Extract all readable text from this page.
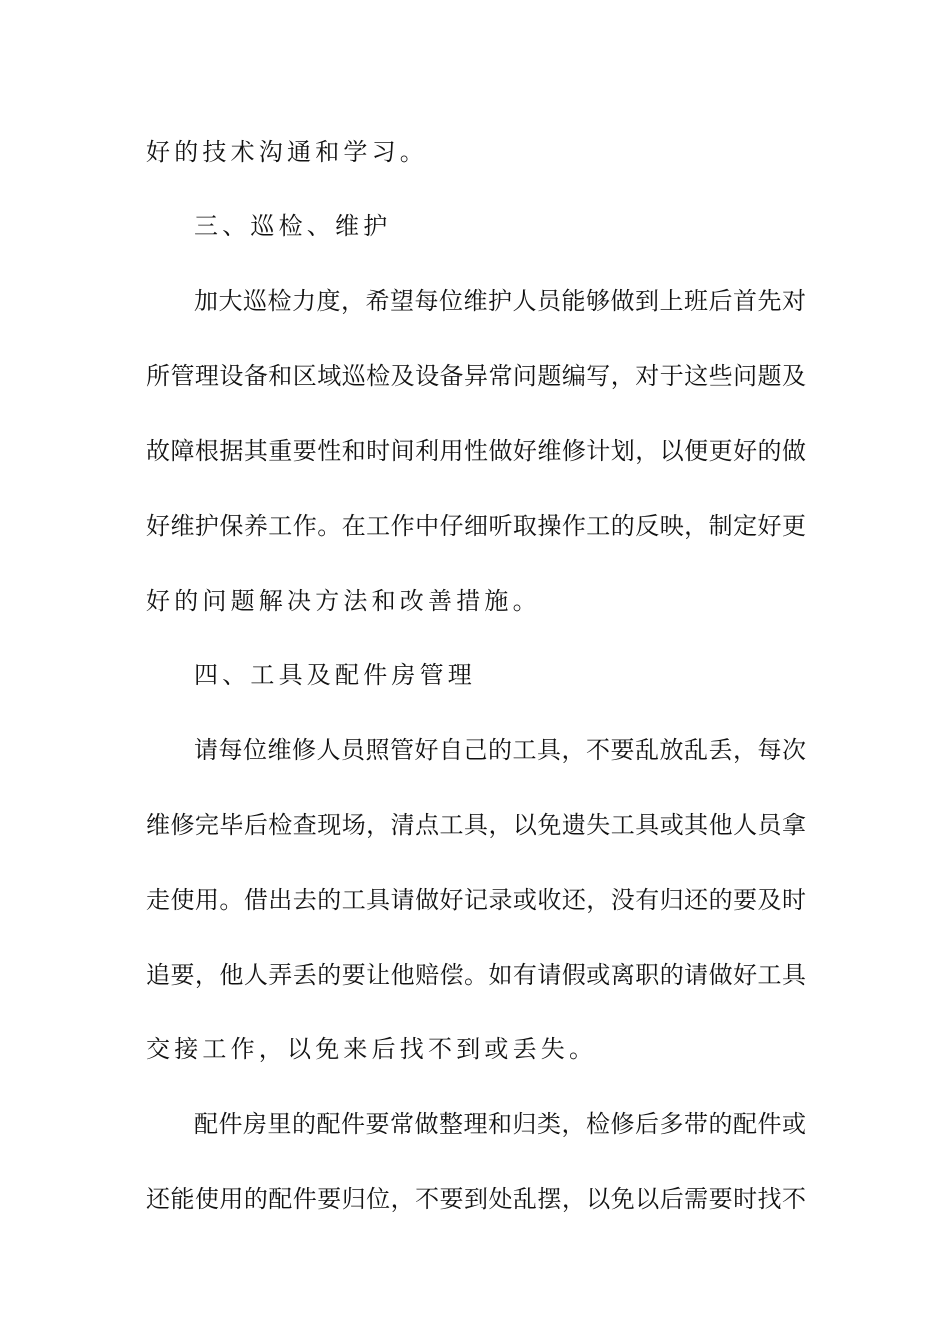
好的技术沟通和学习。
三、巡检、维护
加大巡检力度，希望每位维护人员能够做到上班后首先对
所管理设备和区域巡检及设备异常问题编写，对于这些问题及
故障根据其重要性和时间利用性做好维修计划，以便更好的做
好维护保养工作。在工作中仔细听取操作工的反映，制定好更
好的问题解决方法和改善措施。
四、工具及配件房管理
请每位维修人员照管好自己的工具，不要乱放乱丢，每次
维修完毕后检查现场，清点工具，以免遗失工具或其他人员拿
走使用。借出去的工具请做好记录或收还，没有归还的要及时
追要，他人弄丢的要让他赔偿。如有请假或离职的请做好工具
交接工作，以免来后找不到或丢失。
配件房里的配件要常做整理和归类，检修后多带的配件或
还能使用的配件要归位，不要到处乱摆，以免以后需要时找不
